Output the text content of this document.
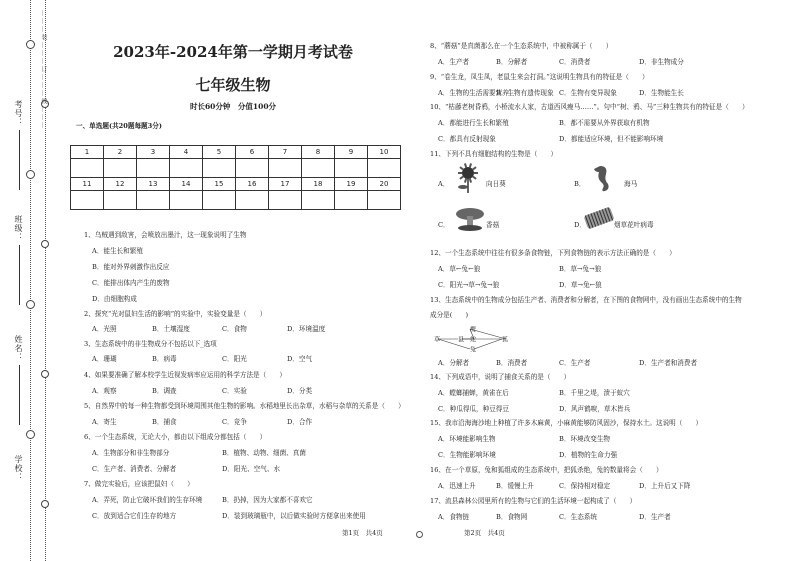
考号：
班级：
姓名：
学校：
………装………订………线………	2023年-2024年第一学期月考试卷
七年级生物
时长60分钟　分值100分
一、单选题(共20题每题3分)
1	2	3	4	5	6	7	8	9	10

11	12	13	14	15	16	17	18	19	20

1、乌贼遇到敌害，会喷放出墨汁，这一现象说明了生物
A．能生长和繁殖
B．能对外界刺激作出反应
C．能排出体内产生的废物
D．由细胞构成
2、探究“光对鼠妇生活的影响”的实验中，实验变量是（　　）
A．光照	B．土壤湿度	C．食物	D．环境温度
3、生态系统中的非生物成分不包括以下_选项
A．珊瑚	B．病毒	C．阳光	D．空气
4、如果要准确了解本校学生近视发病率应运用的科学方法是（　　）
A．观察	B．调查	C．实验	D．分类
5、自然界中的每一种生物都受到环境周围其他生物的影响。水稻地里长出杂草，水稻与杂草的关系是（　　）
A．寄生	B．捕食	C．竞争	D．合作
6、一个生态系统，无论大小，都由以下组成分都包括（　　）
A．生物部分和非生物部分	B．植物、动物、细菌、真菌
C．生产者、消费者、分解者	D．阳光、空气、水
7、做完实验后，应该把鼠妇（　　）
A．弄死，防止它破坏我们的生存环境	B．扔掉，因为大家都不喜欢它
C．放到适合它们生存的地方	D．装到玻璃瓶中，以后做实验时方便拿出来使用
第1页　共4页
8、“蘑菇”是真菌那么在一个生态系统中，中被称属于（　　）
A．生产者	B．分解者	C．消费者	D．非生物成分
9、“卷生龙，凤生凤，老鼠生来会打洞。”这说明生物具有的特征是（　　）
A．生物的生活需要营养
B．生物有遗传现象 C．生物有变异现象	D．生物能生长
10、“枯藤老树昏鸦，小桥流水人家，古道西风瘦马……”。句中“树、鸦、马”三种生物共有的特征是（　　）
A．都能进行生长和繁殖	B．都不需要从外界获取有机物
C．都具有反射现象	D．都能适应环境，但不能影响环境
11、下列不具有细胞结构的生物是（　　）
A．	向日葵	B．	海马
C．	香菇	D．	烟草花叶病毒
12、一个生态系统中往往有很多条食物链，下列食物链的表示方法正确的是（　　）
A．草←兔←狼	B．草→兔→狼
C．阳光→草→兔→狼	D．草→兔←狼
13、生态系统中的生物成分包括生产者、消费者和分解者，在下图的食物网中，没有画出生态系统中的生物
成分是(　　)
鹰
蛇
鼠
草
兔
狐
A．分解者	B．消费者	C．生产者	D．生产者和消费者
14、下列成语中，说明了捕食关系的是（　　）
A．螳螂捕蝉，黄雀在后	B．千里之堤，溃于蚁穴
C．种瓜得瓜，种豆得豆	D．风声鹤唳，草木皆兵
15、我市沿海海沙地上种植了许多木麻黄，小麻黄能够防风固沙，保持水土。这说明（　　）
A．环境能影响生物	B．环境改变生物
C．生物能影响环境	D．植物的生命力强
16、在一个草原，兔和狐组成的生态系统中，把狐杀绝，兔的数量将会（　　）
A．迅速上升	B．缓慢上升	C．保持相对稳定	D．上升后又下降
17、流县森林公园里所有的生物与它们的生活环境一起构成了（　　）
A．食物链	B．食物网	C．生态系统	D．生产者
第2页　共4页
